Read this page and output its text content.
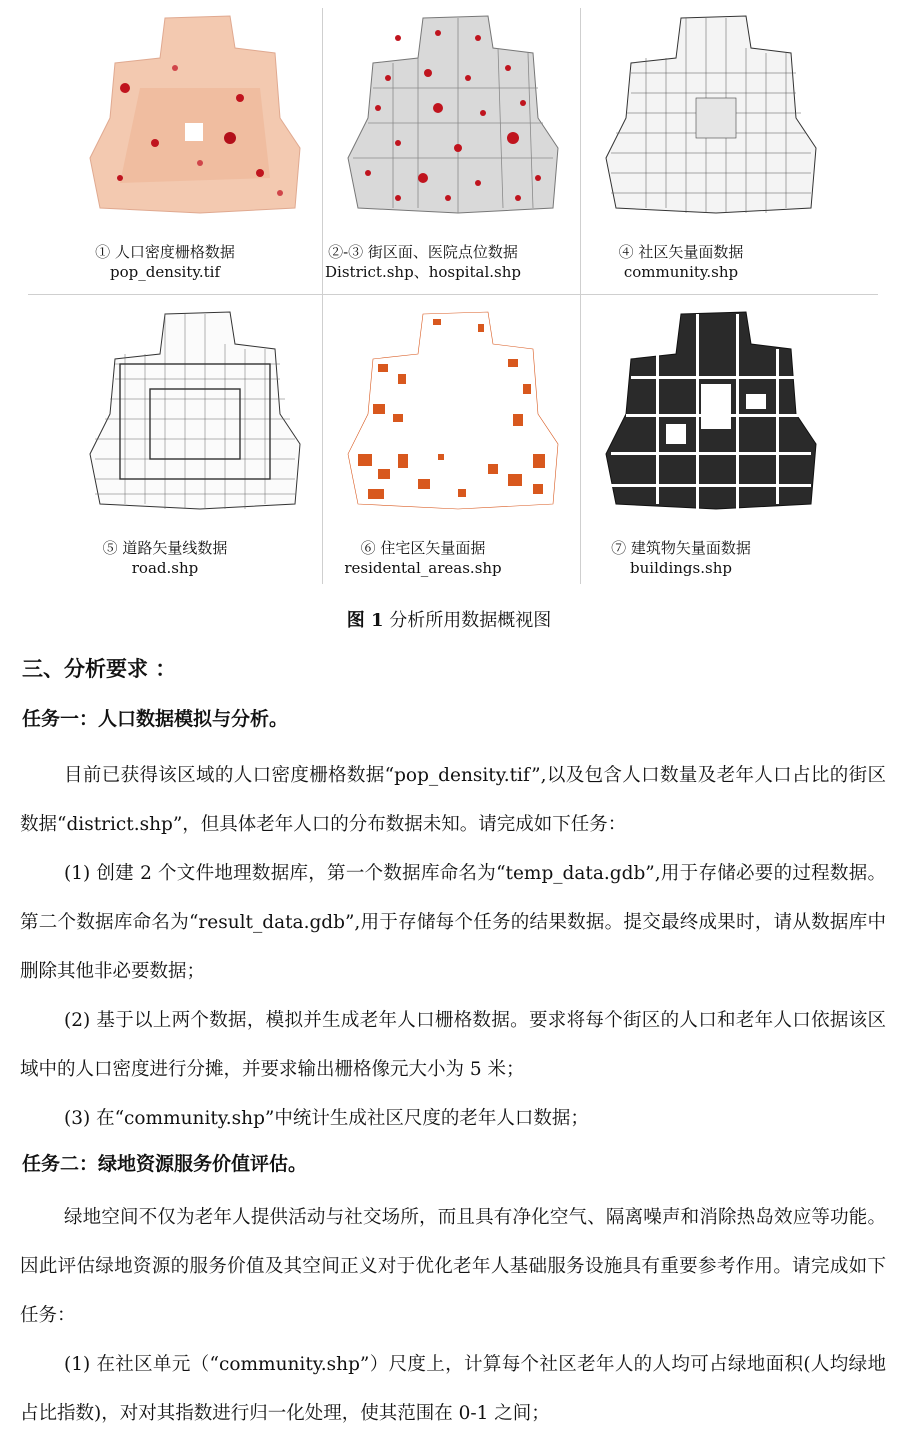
① 人口密度栅格数据
pop_density.tif
②-③ 街区面、医院点位数据
District.shp、hospital.shp
④ 社区矢量面数据
community.shp
⑤ 道路矢量线数据
road.shp
⑥ 住宅区矢量面据
residental_areas.shp
⑦ 建筑物矢量面数据
buildings.shp
图 1 分析所用数据概视图
三、分析要求 ：
任务一：人口数据模拟与分析。
目前已获得该区域的人口密度栅格数据“pop_density.tif”,以及包含人口数量及老年人口占比的街区数据“district.shp”，但具体老年人口的分布数据未知。请完成如下任务：
(1) 创建 2 个文件地理数据库，第一个数据库命名为“temp_data.gdb”,用于存储必要的过程数据。第二个数据库命名为“result_data.gdb”,用于存储每个任务的结果数据。提交最终成果时，请从数据库中删除其他非必要数据；
(2) 基于以上两个数据，模拟并生成老年人口栅格数据。要求将每个街区的人口和老年人口依据该区域中的人口密度进行分摊，并要求输出栅格像元大小为 5 米；
(3) 在“community.shp”中统计生成社区尺度的老年人口数据；
任务二：绿地资源服务价值评估。
绿地空间不仅为老年人提供活动与社交场所，而且具有净化空气、隔离噪声和消除热岛效应等功能。因此评估绿地资源的服务价值及其空间正义对于优化老年人基础服务设施具有重要参考作用。请完成如下任务：
(1) 在社区单元（“community.shp”）尺度上，计算每个社区老年人的人均可占绿地面积(人均绿地占比指数)，对对其指数进行归一化处理，使其范围在 0-1 之间；
